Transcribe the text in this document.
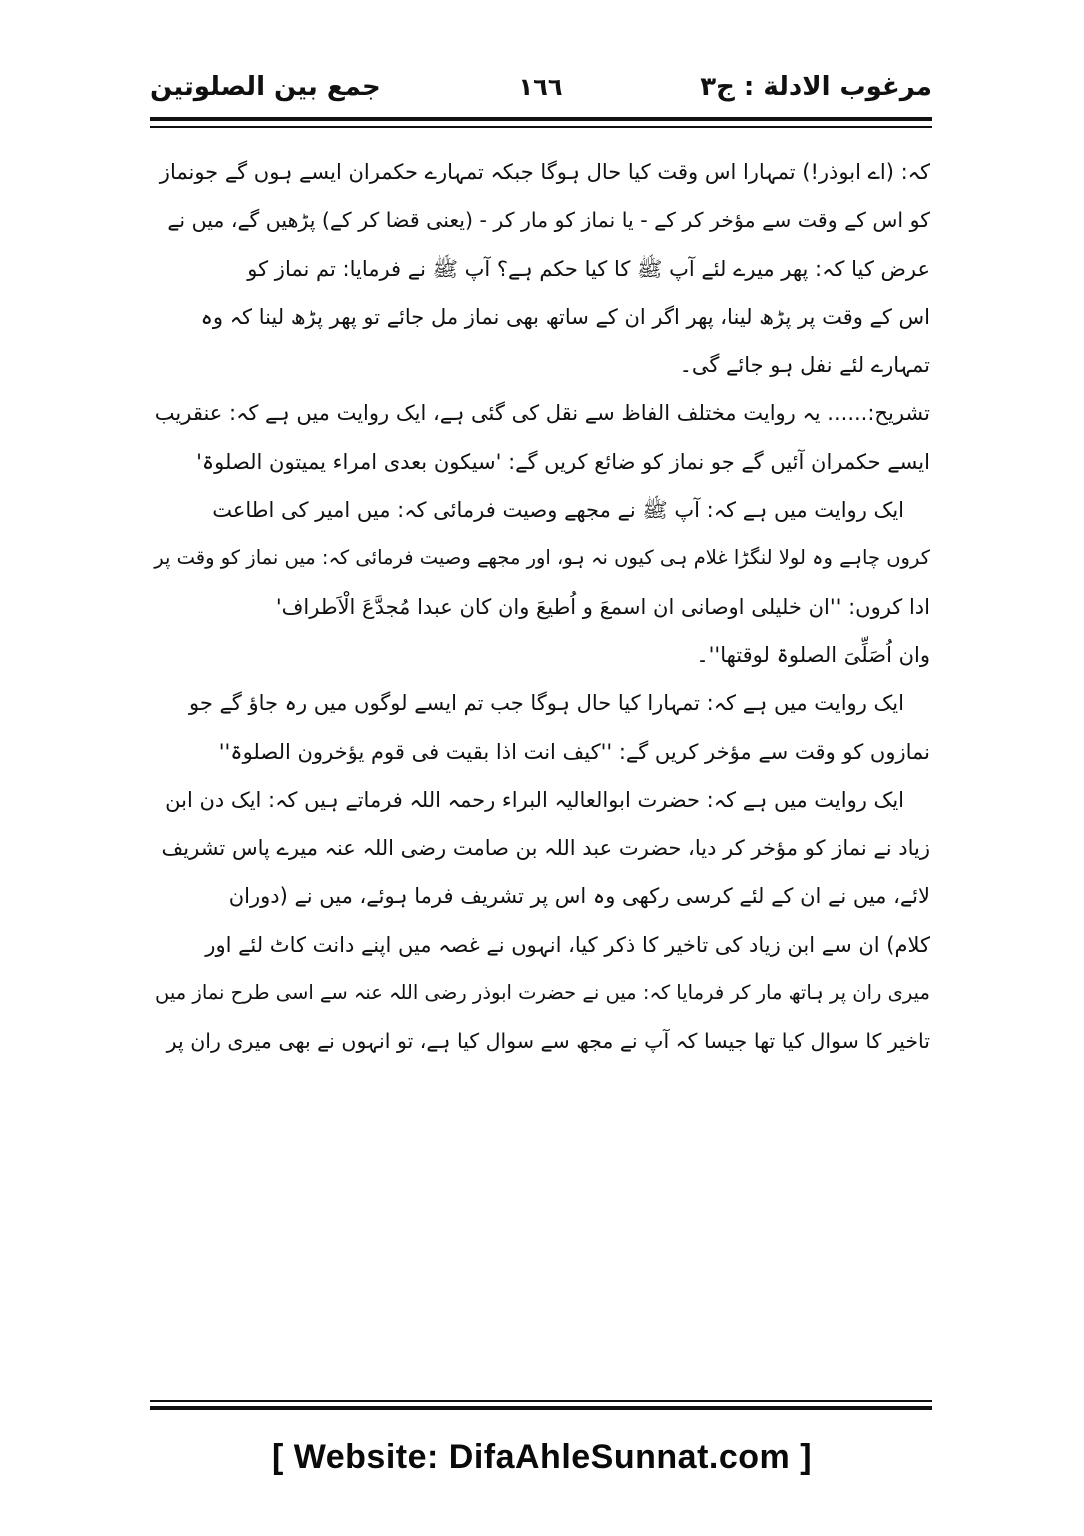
مرغوب الادلة : ج٣
١٦٦
جمع بین الصلوتین
کہ: (اے ابوذر!) تمہارا اس وقت کیا حال ہوگا جبکہ تمہارے حکمران ایسے ہوں گے جونماز
کو اس کے وقت سے مؤخر کر کے - یا نماز کو مار کر - (یعنی قضا کر کے) پڑھیں گے، میں نے
عرض کیا کہ: پھر میرے لئے آپ ﷺ کا کیا حکم ہے؟ آپ ﷺ نے فرمایا: تم نماز کو
اس کے وقت پر پڑھ لینا، پھر اگر ان کے ساتھ بھی نماز مل جائے تو پھر پڑھ لینا کہ وہ
تمہارے لئے نفل ہو جائے گی۔
تشریح:...... یہ روایت مختلف الفاظ سے نقل کی گئی ہے، ایک روایت میں ہے کہ: عنقریب
ایسے حکمران آئیں گے جو نماز کو ضائع کریں گے: 'سیکون بعدی امراء یمیتون الصلوۃ'
ایک روایت میں ہے کہ: آپ ﷺ نے مجھے وصیت فرمائی کہ: میں امیر کی اطاعت
کروں چاہے وہ لولا لنگڑا غلام ہی کیوں نہ ہو، اور مجھے وصیت فرمائی کہ: میں نماز کو وقت پر
ادا کروں: ''ان خلیلی اوصانی ان اسمعَ و اُطیعَ وان کان عبدا مُجدَّعَ الْاَطراف'
وان اُصَلِّیَ الصلوۃ لوقتھا''۔
ایک روایت میں ہے کہ: تمہارا کیا حال ہوگا جب تم ایسے لوگوں میں رہ جاؤ گے جو
نمازوں کو وقت سے مؤخر کریں گے: ''کیف انت اذا بقیت فی قوم یؤخرون الصلوۃ''
ایک روایت میں ہے کہ: حضرت ابوالعالیہ البراء رحمہ اللہ فرماتے ہیں کہ: ایک دن ابن
زیاد نے نماز کو مؤخر کر دیا، حضرت عبد اللہ بن صامت رضی اللہ عنہ میرے پاس تشریف
لائے، میں نے ان کے لئے کرسی رکھی وہ اس پر تشریف فرما ہوئے، میں نے (دوران
کلام) ان سے ابن زیاد کی تاخیر کا ذکر کیا، انہوں نے غصہ میں اپنے دانت کاٹ لئے اور
میری ران پر ہاتھ مار کر فرمایا کہ: میں نے حضرت ابوذر رضی اللہ عنہ سے اسی طرح نماز میں
تاخیر کا سوال کیا تھا جیسا کہ آپ نے مجھ سے سوال کیا ہے، تو انہوں نے بھی میری ران پر
[ Website: DifaAhleSunnat.com ]
